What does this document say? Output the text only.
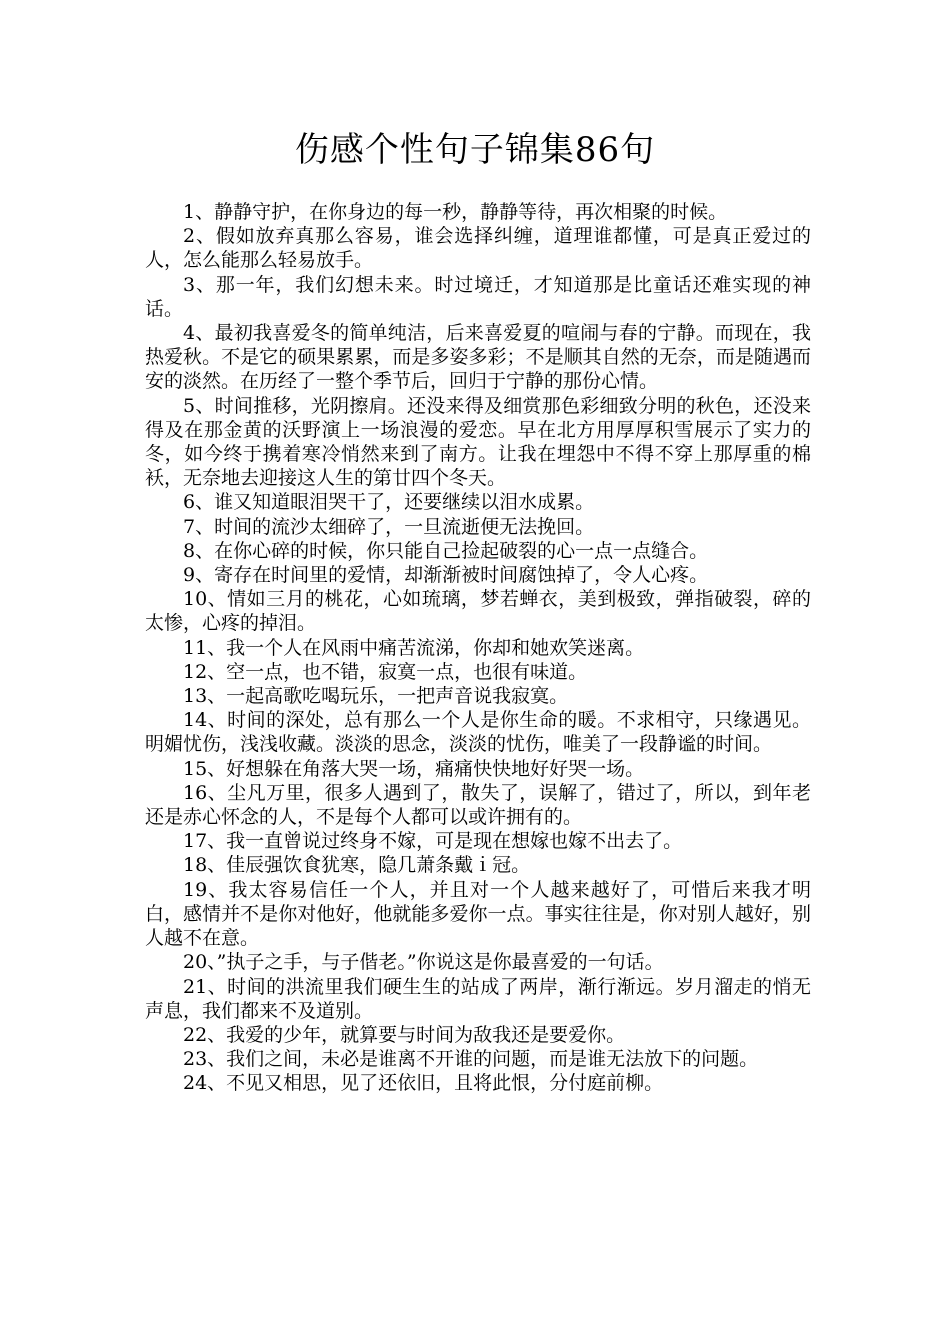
伤感个性句子锦集86句

1、静静守护，在你身边的每一秒，静静等待，再次相聚的时候。

2、假如放弃真那么容易，谁会选择纠缠，道理谁都懂，可是真正爱过的人，怎么能那么轻易放手。

3、那一年，我们幻想未来。时过境迁，才知道那是比童话还难实现的神话。

4、最初我喜爱冬的简单纯洁，后来喜爱夏的喧闹与春的宁静。而现在，我热爱秋。不是它的硕果累累，而是多姿多彩；不是顺其自然的无奈，而是随遇而安的淡然。在历经了一整个季节后，回归于宁静的那份心情。

5、时间推移，光阴擦肩。还没来得及细赏那色彩细致分明的秋色，还没来得及在那金黄的沃野演上一场浪漫的爱恋。早在北方用厚厚积雪展示了实力的冬，如今终于携着寒冷悄然来到了南方。让我在埋怨中不得不穿上那厚重的棉袄，无奈地去迎接这人生的第廿四个冬天。

6、谁又知道眼泪哭干了，还要继续以泪水成累。

7、时间的流沙太细碎了，一旦流逝便无法挽回。

8、在你心碎的时候，你只能自己捡起破裂的心一点一点缝合。

9、寄存在时间里的爱情，却渐渐被时间腐蚀掉了，令人心疼。

10、情如三月的桃花，心如琉璃，梦若蝉衣，美到极致，弹指破裂，碎的太惨，心疼的掉泪。

11、我一个人在风雨中痛苦流涕，你却和她欢笑迷离。

12、空一点，也不错，寂寞一点，也很有味道。

13、一起高歌吃喝玩乐，一把声音说我寂寞。

14、时间的深处，总有那么一个人是你生命的暖。不求相守，只缘遇见。明媚忧伤，浅浅收藏。淡淡的思念，淡淡的忧伤，唯美了一段静谧的时间。

15、好想躲在角落大哭一场，痛痛快快地好好哭一场。

16、尘凡万里，很多人遇到了，散失了，误解了，错过了，所以，到年老还是赤心怀念的人，不是每个人都可以或许拥有的。

17、我一直曾说过终身不嫁，可是现在想嫁也嫁不出去了。

18、佳辰强饮食犹寒，隐几萧条戴ｉ冠。

19、我太容易信任一个人，并且对一个人越来越好了，可惜后来我才明白，感情并不是你对他好，他就能多爱你一点。事实往往是，你对别人越好，别人越不在意。

20、”执子之手，与子偕老。”你说这是你最喜爱的一句话。

21、时间的洪流里我们硬生生的站成了两岸，渐行渐远。岁月溜走的悄无声息，我们都来不及道别。

22、我爱的少年，就算要与时间为敌我还是要爱你。

23、我们之间，未必是谁离不开谁的问题，而是谁无法放下的问题。

24、不见又相思，见了还依旧，且将此恨，分付庭前柳。
